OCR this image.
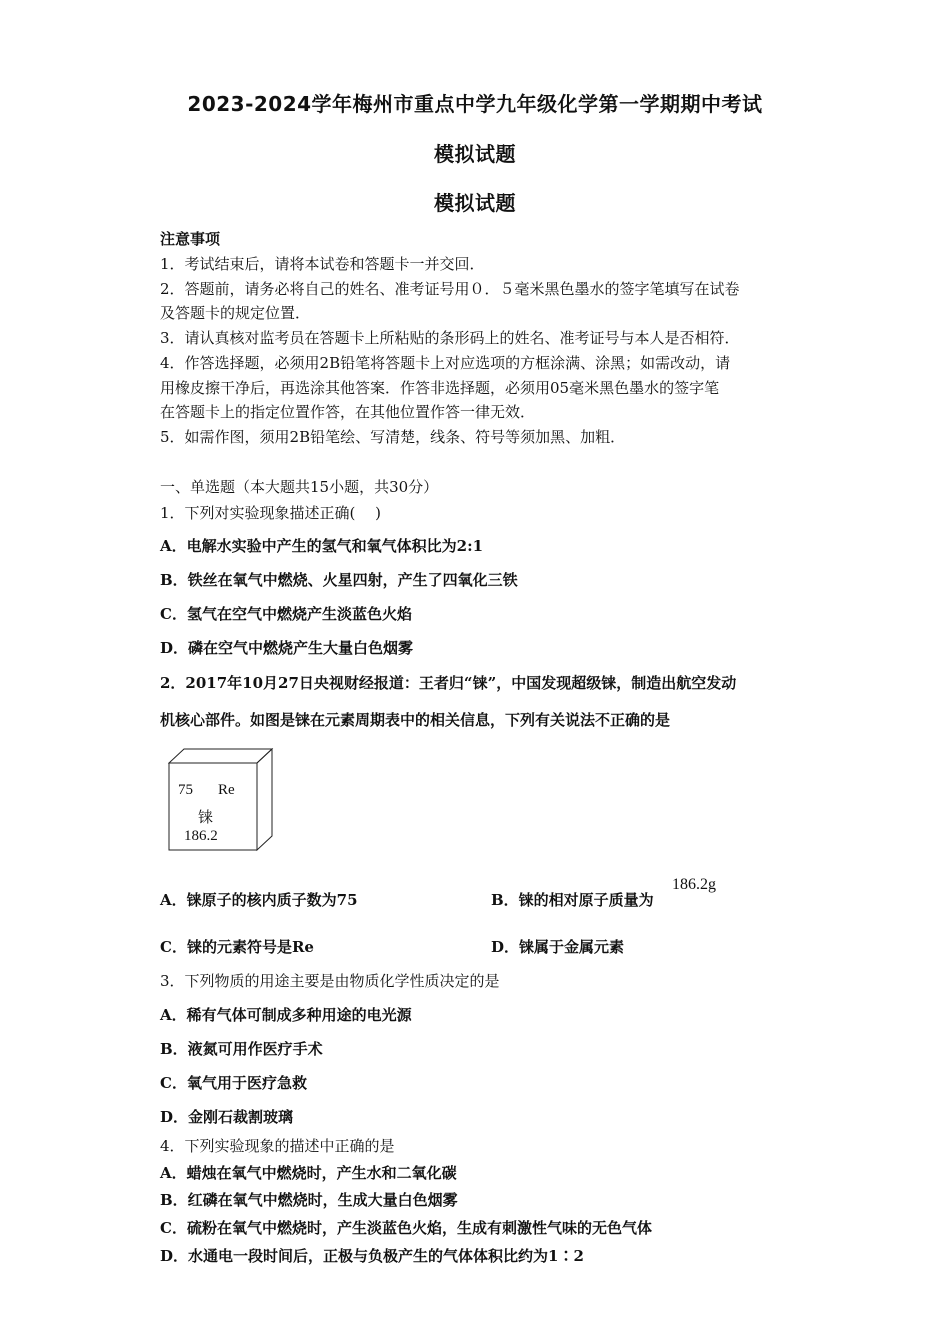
2023-2024学年梅州市重点中学九年级化学第一学期期中考试
模拟试题
模拟试题
注意事项
1．考试结束后，请将本试卷和答题卡一并交回．
2．答题前，请务必将自己的姓名、准考证号用０．５毫米黑色墨水的签字笔填写在试卷
及答题卡的规定位置．
3．请认真核对监考员在答题卡上所粘贴的条形码上的姓名、准考证号与本人是否相符．
4．作答选择题，必须用2B铅笔将答题卡上对应选项的方框涂满、涂黑；如需改动，请
用橡皮擦干净后，再选涂其他答案．作答非选择题，必须用05毫米黑色墨水的签字笔
在答题卡上的指定位置作答，在其他位置作答一律无效．
5．如需作图，须用2B铅笔绘、写清楚，线条、符号等须加黑、加粗．
一、单选题（本大题共15小题，共30分）
1．下列对实验现象描述正确(　 )
A．电解水实验中产生的氢气和氧气体积比为2:1
B．铁丝在氧气中燃烧、火星四射，产生了四氧化三铁
C．氢气在空气中燃烧产生淡蓝色火焰
D．磷在空气中燃烧产生大量白色烟雾
2．2017年10月27日央视财经报道：王者归“铼”，中国发现超级铼，制造出航空发动
机核心部件。如图是铼在元素周期表中的相关信息，下列有关说法不正确的是
75 Re
铼
186.2
A．铼原子的核内质子数为75	B．铼的相对原子质量为
186.2g
C．铼的元素符号是Re	D．铼属于金属元素
3．下列物质的用途主要是由物质化学性质决定的是
A．稀有气体可制成多种用途的电光源
B．液氮可用作医疗手术
C．氧气用于医疗急救
D．金刚石裁割玻璃
4．下列实验现象的描述中正确的是
A．蜡烛在氧气中燃烧时，产生水和二氧化碳
B．红磷在氧气中燃烧时，生成大量白色烟雾
C．硫粉在氧气中燃烧时，产生淡蓝色火焰，生成有刺激性气味的无色气体
D．水通电一段时间后，正极与负极产生的气体体积比约为1∶2
